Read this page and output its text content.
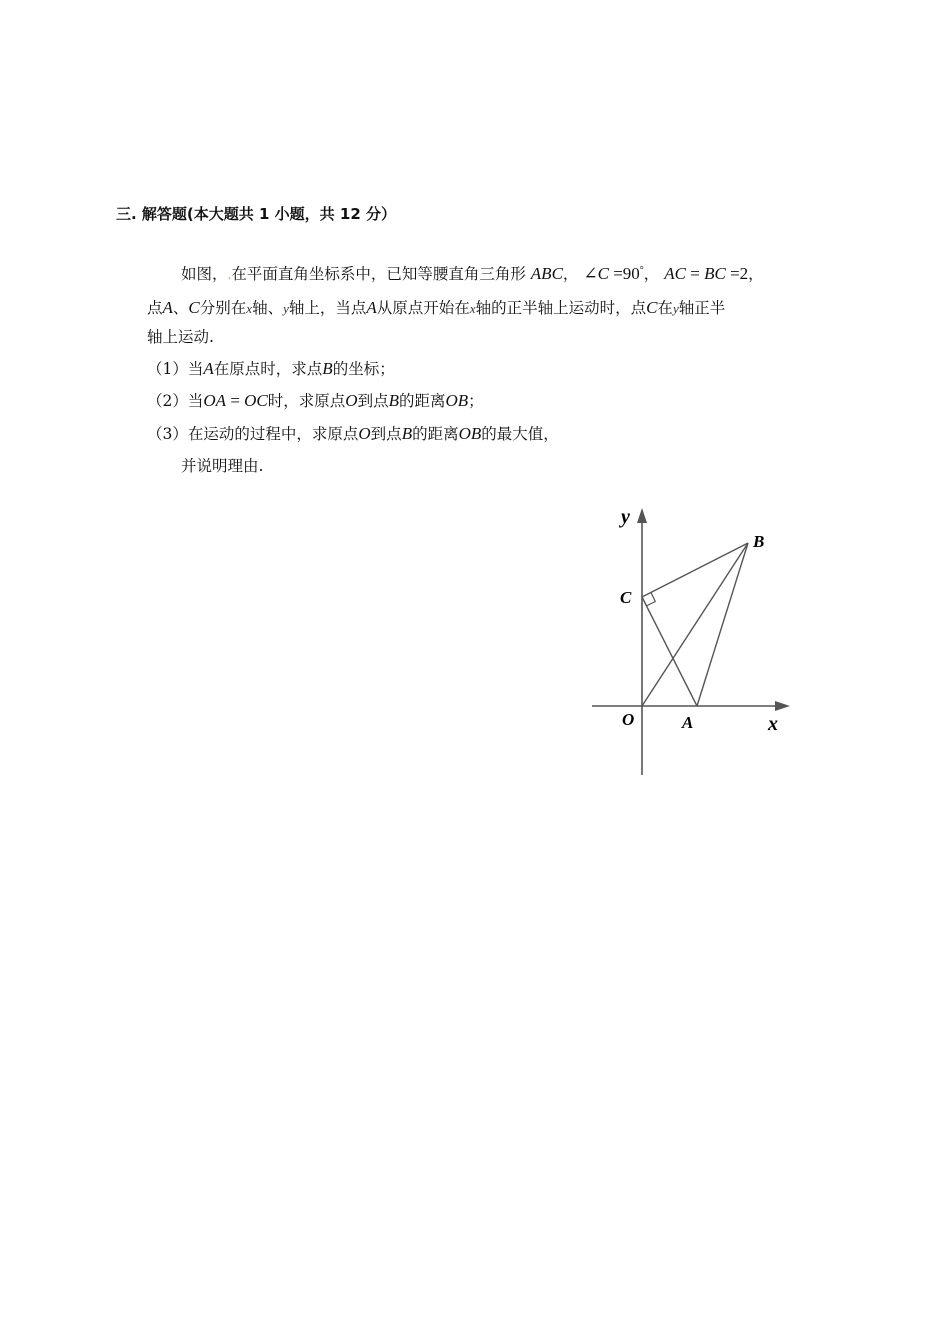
三. 解答题(本大题共 1 小题，共 12 分）
如图，.在平面直角坐标系中，已知等腰直角三角形 ABC， ∠C =90°， AC = BC =2，
点A、C分别在x轴、y轴上，当点A从原点开始在x轴的正半轴上运动时，点C在y轴正半
轴上运动.
（1）当A在原点时，求点B的坐标；
（2）当OA = OC时，求原点O到点B的距离OB；
（3）在运动的过程中，求原点O到点B的距离OB的最大值，
并说明理由.
y
x
O	A
B
C
